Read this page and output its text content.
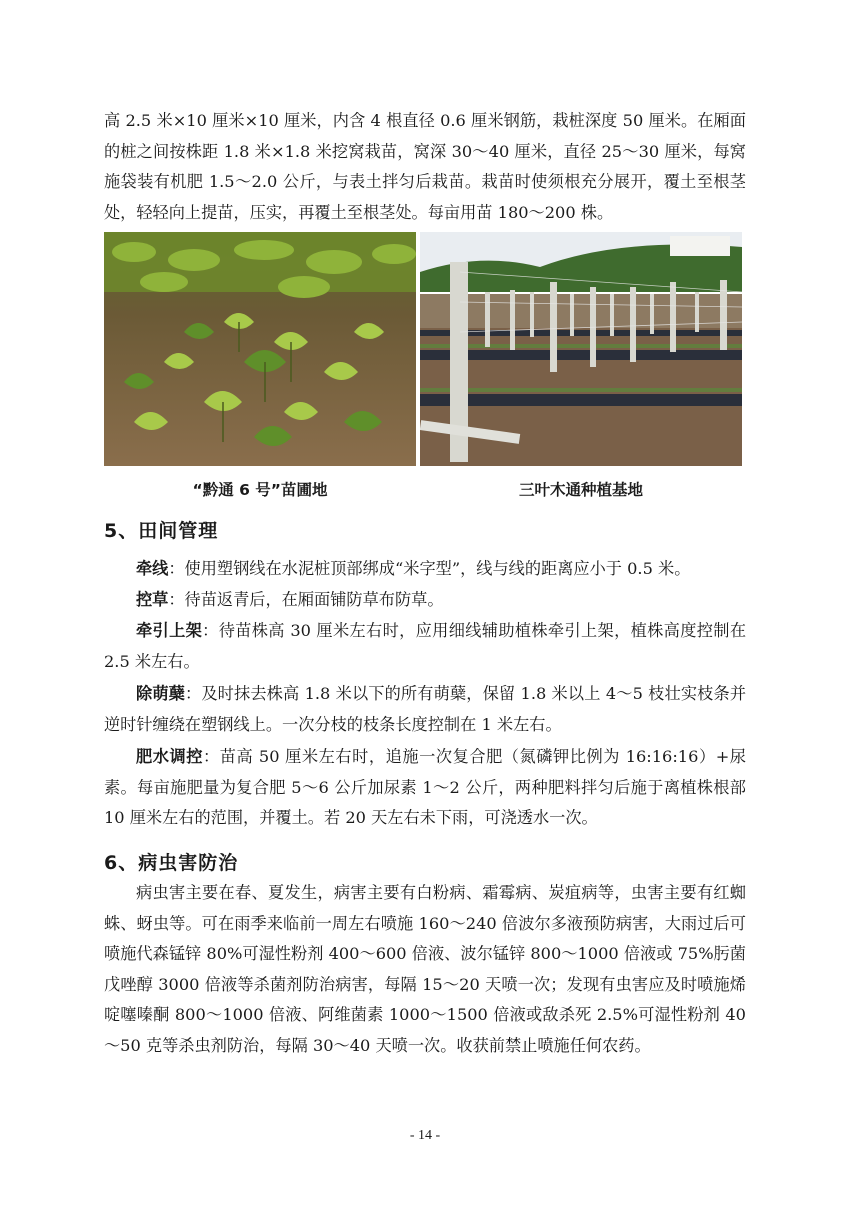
高 2.5 米×10 厘米×10 厘米，内含 4 根直径 0.6 厘米钢筋，栽桩深度 50 厘米。在厢面的桩之间按株距 1.8 米×1.8 米挖窝栽苗，窝深 30～40 厘米，直径 25～30 厘米，每窝施袋装有机肥 1.5～2.0 公斤，与表土拌匀后栽苗。栽苗时使须根充分展开，覆土至根茎处，轻轻向上提苗，压实，再覆土至根茎处。每亩用苗 180～200 株。

“黔通 6 号”苗圃地	三叶木通种植基地
5、田间管理

牵线：使用塑钢线在水泥桩顶部绑成“米字型”，线与线的距离应小于 0.5 米。

控草：待苗返青后，在厢面铺防草布防草。

牵引上架：待苗株高 30 厘米左右时，应用细线辅助植株牵引上架，植株高度控制在 2.5 米左右。

除萌蘖：及时抹去株高 1.8 米以下的所有萌蘖，保留 1.8 米以上 4～5 枝壮实枝条并逆时针缠绕在塑钢线上。一次分枝的枝条长度控制在 1 米左右。

肥水调控：苗高 50 厘米左右时，追施一次复合肥（氮磷钾比例为 16:16:16）+尿素。每亩施肥量为复合肥 5～6 公斤加尿素 1～2 公斤，两种肥料拌匀后施于离植株根部 10 厘米左右的范围，并覆土。若 20 天左右未下雨，可浇透水一次。

6、病虫害防治

病虫害主要在春、夏发生，病害主要有白粉病、霜霉病、炭疽病等，虫害主要有红蜘蛛、蚜虫等。可在雨季来临前一周左右喷施 160～240 倍波尔多液预防病害，大雨过后可喷施代森锰锌 80%可湿性粉剂 400～600 倍液、波尔锰锌 800～1000 倍液或 75%肟菌戊唑醇 3000 倍液等杀菌剂防治病害，每隔 15～20 天喷一次；发现有虫害应及时喷施烯啶噻嗪酮 800～1000 倍液、阿维菌素 1000～1500 倍液或敌杀死 2.5%可湿性粉剂 40～50 克等杀虫剂防治，每隔 30～40 天喷一次。收获前禁止喷施任何农药。

- 14 -
